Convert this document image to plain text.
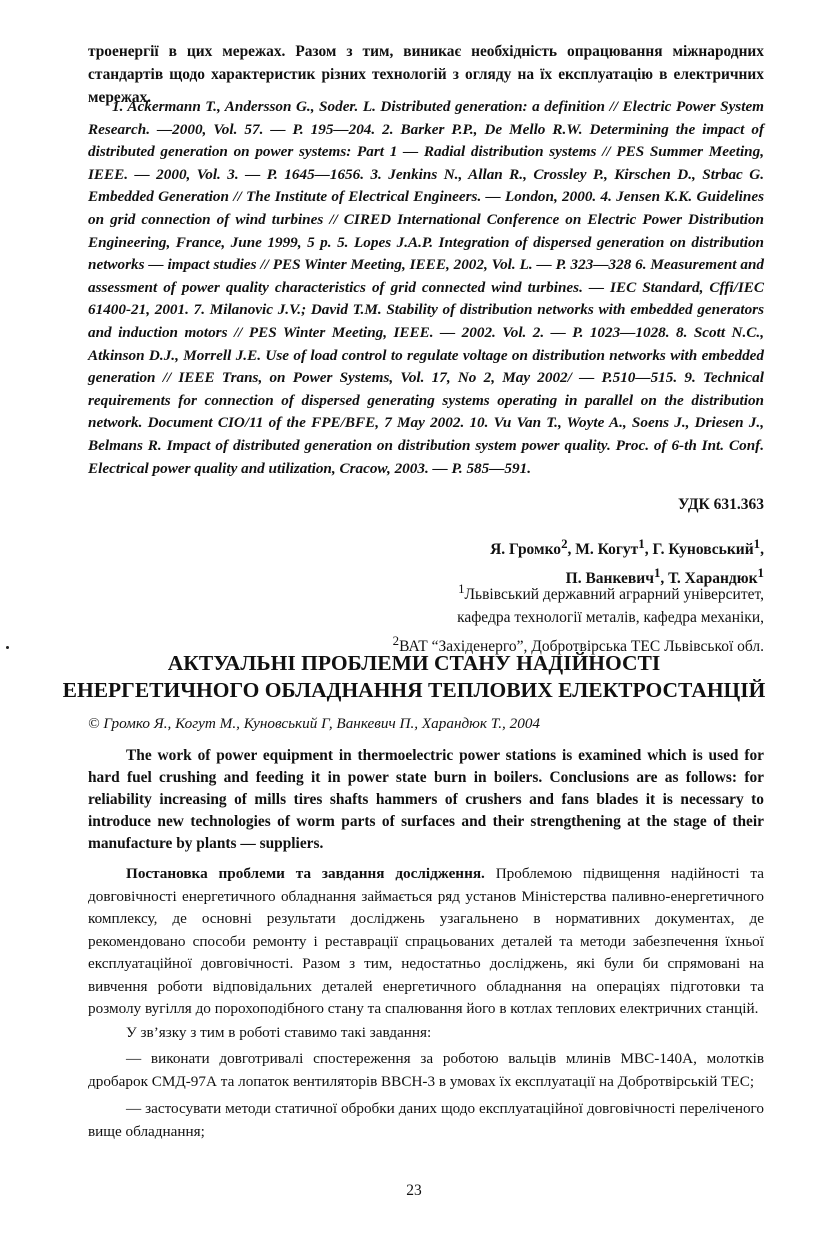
троенергії в цих мережах. Разом з тим, виникає необхідність опрацювання міжнародних стандартів щодо характеристик різних технологій з огляду на їх експлуатацію в електричних мережах.

1. Ackermann T., Andersson G., Soder. L. Distributed generation: a definition // Electric Power System Research. —2000, Vol. 57. — P. 195—204. 2. Barker P.P., De Mello R.W. Determining the impact of distributed generation on power systems: Part 1 — Radial distribution systems // PES Summer Meeting, IEEE. — 2000, Vol. 3. — P. 1645—1656. 3. Jenkins N., Allan R., Crossley P., Kirschen D., Strbac G. Embedded Generation // The Institute of Electrical Engineers. — London, 2000. 4. Jensen K.K. Guidelines on grid connection of wind turbines // CIRED International Conference on Electric Power Distribution Engineering, France, June 1999, 5 p. 5. Lopes J.A.P. Integration of dispersed generation on distribution networks — impact studies // PES Winter Meeting, IEEE, 2002, Vol. L. — P. 323—328 6. Measurement and assessment of power quality characteristics of grid connected wind turbines. — IEC Standard, Cffi/IEC 61400-21, 2001. 7. Milanovic J.V.; David T.M. Stability of distribution networks with embedded generators and induction motors // PES Winter Meeting, IEEE. — 2002. Vol. 2. — P. 1023—1028. 8. Scott N.C., Atkinson D.J., Morrell J.E. Use of load control to regulate voltage on distribution networks with embedded generation // IEEE Trans, on Power Systems, Vol. 17, No 2, May 2002/ — P.510—515. 9. Technical requirements for connection of dispersed generating systems operating in parallel on the distribution network. Document CIO/11 of the FPE/BFE, 7 May 2002. 10. Vu Van T., Woyte A., Soens J., Driesen J., Belmans R. Impact of distributed generation on distribution system power quality. Proc. of 6-th Int. Conf. Electrical power quality and utilization, Cracow, 2003. — P. 585—591.

УДК 631.363
Я. Громко$^2$, М. Когут$^1$, Г. Куновський$^1$,
П. Ванкевич$^1$, Т. Харандюк$^1$
$^1$Львівський державний аграрний університет,
кафедра технології металів, кафедра механіки,
$^2$ВАТ “Західенерго”, Добротвірська ТЕС Львівської обл.
АКТУАЛЬНІ ПРОБЛЕМИ СТАНУ НАДІЙНОСТІ
ЕНЕРГЕТИЧНОГО ОБЛАДНАННЯ ТЕПЛОВИХ ЕЛЕКТРОСТАНЦІЙ
© Громко Я., Когут М., Куновський Г, Ванкевич П., Харандюк Т., 2004

The work of power equipment in thermoelectric power stations is examined which is used for hard fuel crushing and feeding it in power state burn in boilers. Conclusions are as follows: for reliability increasing of mills tires shafts hammers of crushers and fans blades it is necessary to introduce new technologies of worm parts of surfaces and their strengthening at the stage of their manufacture by plants — suppliers.

Постановка проблеми та завдання дослідження. Проблемою підвищення надійності та довговічності енергетичного обладнання займається ряд установ Міністерства паливно-енергетичного комплексу, де основні результати досліджень узагальнено в нормативних документах, де рекомендовано способи ремонту і реставрації спрацьованих деталей та методи забезпечення їхньої експлуатаційної довговічності. Разом з тим, недостатньо досліджень, які були би спрямовані на вивчення роботи відповідальних деталей енергетичного обладнання на операціях підготовки та розмолу вугілля до порохоподібного стану та спалювання його в котлах теплових електричних станцій.

У зв’язку з тим в роботі ставимо такі завдання:

— виконати довготривалі спостереження за роботою вальців млинів МВС-140А, молотків дробарок СМД-97А та лопаток вентиляторів ВВСН-3 в умовах їх експлуатації на Добротвірській ТЕС;

— застосувати методи статичної обробки даних щодо експлуатаційної довговічності переліченого вище обладнання;

23
